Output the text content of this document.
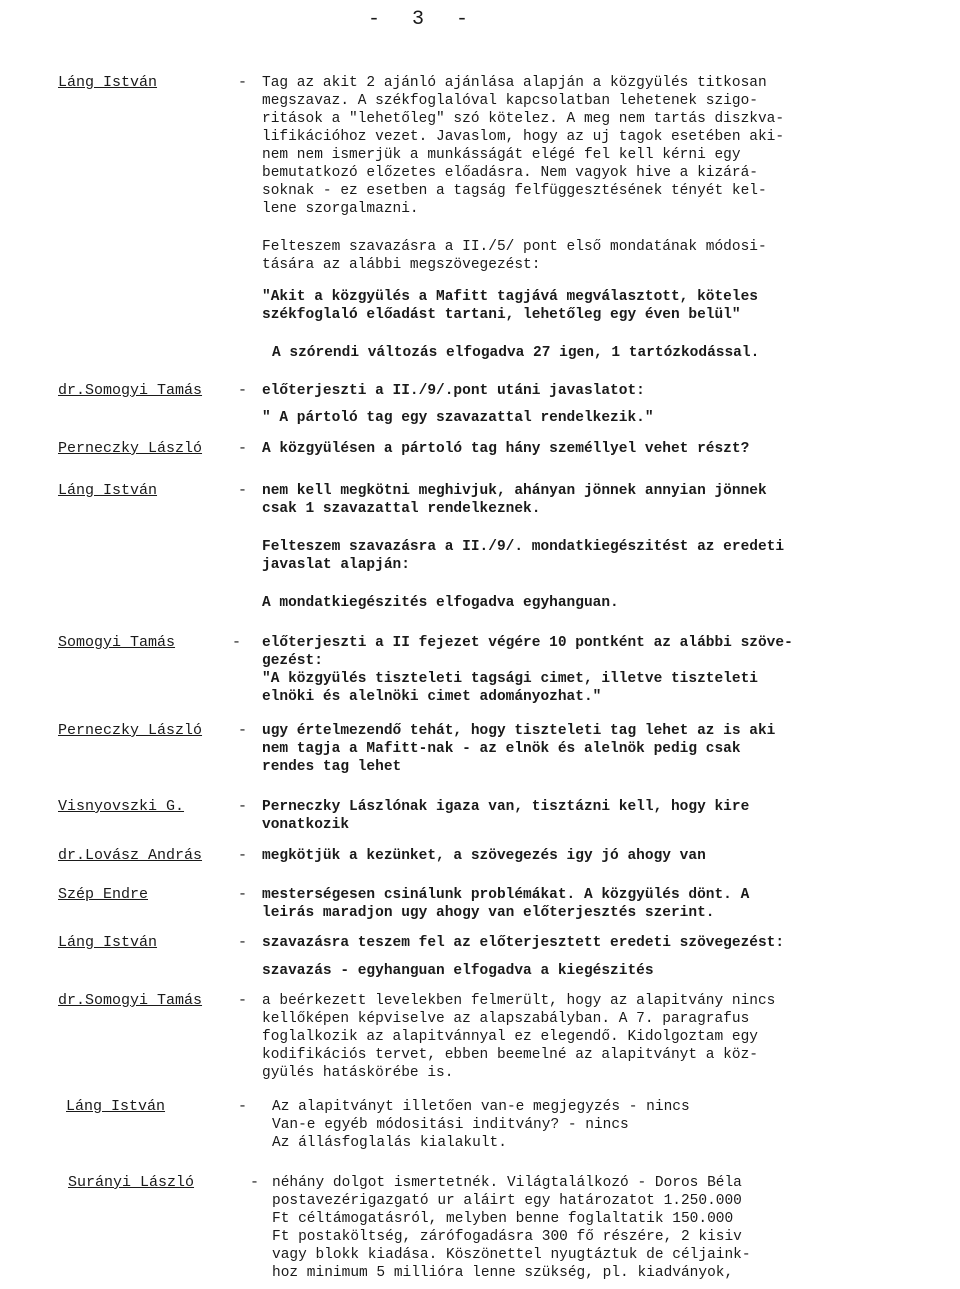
- 3 -
Láng István	- Tag az akit 2 ajánló ajánlása alapján a közgyülés titkosan
megszavaz. A székfoglalóval kapcsolatban lehetenek szigo-
ritások a "lehetőleg" szó kötelez. A meg nem tartás diszkva-
lifikációhoz vezet. Javaslom, hogy az uj tagok esetében aki-
nem nem ismerjük a munkásságát elégé fel kell kérni egy
bemutatkozó előzetes előadásra. Nem vagyok hive a kizárá-
soknak - ez esetben a tagság felfüggesztésének tényét kel-
lene szorgalmazni.
Felteszem szavazásra a II./5/ pont első mondatának módosi-
tására az alábbi megszövegezést:
"Akit a közgyülés a Mafitt tagjává megválasztott, köteles
székfoglaló előadást tartani, lehetőleg egy éven belül"
A szórendi változás elfogadva 27 igen, 1 tartózkodással.
dr.Somogyi Tamás	- előterjeszti a II./9/.pont utáni javaslatot:
" A pártoló tag egy szavazattal rendelkezik."
Perneczky László	- A közgyülésen a pártoló tag hány személlyel vehet részt?
Láng István	- nem kell megkötni meghivjuk, ahányan jönnek annyian jönnek
csak 1 szavazattal rendelkeznek.
Felteszem szavazásra a II./9/. mondatkiegészitést az eredeti
javaslat alapján:
A mondatkiegészités elfogadva egyhanguan.
Somogyi Tamás	- előterjeszti a II fejezet végére 10 pontként az alábbi szöve-
gezést:
"A közgyülés tiszteleti tagsági cimet, illetve tiszteleti
elnöki és alelnöki cimet adományozhat."
Perneczky László	- ugy értelmezendő tehát, hogy tiszteleti tag lehet az is aki
nem tagja a Mafitt-nak - az elnök és alelnök pedig csak
rendes tag lehet
Visnyovszki G.	- Perneczky Lászlónak igaza van, tisztázni kell, hogy kire
vonatkozik
dr.Lovász András	- megkötjük a kezünket, a szövegezés igy jó ahogy van
Szép Endre	- mesterségesen csinálunk problémákat. A közgyülés dönt. A
leirás maradjon ugy ahogy van előterjesztés szerint.
Láng István	- szavazásra teszem fel az előterjesztett eredeti szövegezést:
szavazás - egyhanguan elfogadva a kiegészités
dr.Somogyi Tamás	- a beérkezett levelekben felmerült, hogy az alapitvány nincs
kellőképen képviselve az alapszabályban. A 7. paragrafus
foglalkozik az alapitvánnyal ez elegendő. Kidolgoztam egy
kodifikációs tervet, ebben beemelné az alapitványt a köz-
gyülés hatáskörébe is.
Láng István	- Az alapitványt illetően van-e megjegyzés - nincs
Van-e egyéb módositási inditvány? - nincs
Az állásfoglalás kialakult.
Surányi László	- néhány dolgot ismertetnék. Világtalálkozó - Doros Béla
postavezérigazgató ur aláirt egy határozatot 1.250.000
Ft céltámogatásról, melyben benne foglaltatik 150.000
Ft postaköltség, zárófogadásra 300 fő részére, 2 kisiv
vagy blokk kiadása. Köszönettel nyugtáztuk de céljaink-
hoz minimum 5 millióra lenne szükség, pl. kiadványok,
